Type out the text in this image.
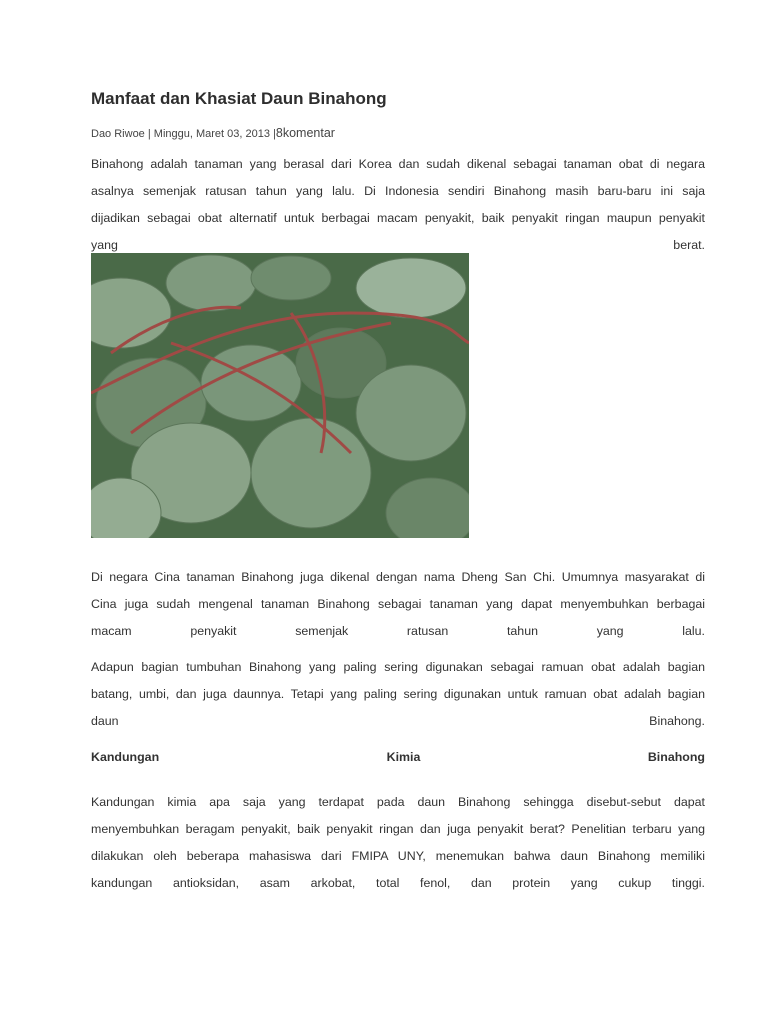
Manfaat dan Khasiat Daun Binahong
Dao Riwoe | Minggu, Maret 03, 2013 |8komentar
Binahong adalah tanaman yang berasal dari Korea dan sudah dikenal sebagai tanaman obat di negara
asalnya semenjak ratusan tahun yang lalu. Di Indonesia sendiri Binahong masih baru-baru ini saja
dijadikan sebagai obat alternatif untuk berbagai macam penyakit, baik penyakit ringan maupun penyakit
yang berat.
Di negara Cina tanaman Binahong juga dikenal dengan nama Dheng San Chi. Umumnya masyarakat di
Cina juga sudah mengenal tanaman Binahong sebagai tanaman yang dapat menyembuhkan berbagai
macam penyakit semenjak ratusan tahun yang lalu.
Adapun bagian tumbuhan Binahong yang paling sering digunakan sebagai ramuan obat adalah bagian
batang, umbi, dan juga daunnya. Tetapi yang paling sering digunakan untuk ramuan obat adalah bagian
daun Binahong.
Kandungan Kimia Binahong
Kandungan kimia apa saja yang terdapat pada daun Binahong sehingga disebut-sebut dapat
menyembuhkan beragam penyakit, baik penyakit ringan dan juga penyakit berat? Penelitian terbaru yang
dilakukan oleh beberapa mahasiswa dari FMIPA UNY, menemukan bahwa daun Binahong memiliki
kandungan antioksidan, asam arkobat, total fenol, dan protein yang cukup tinggi.
